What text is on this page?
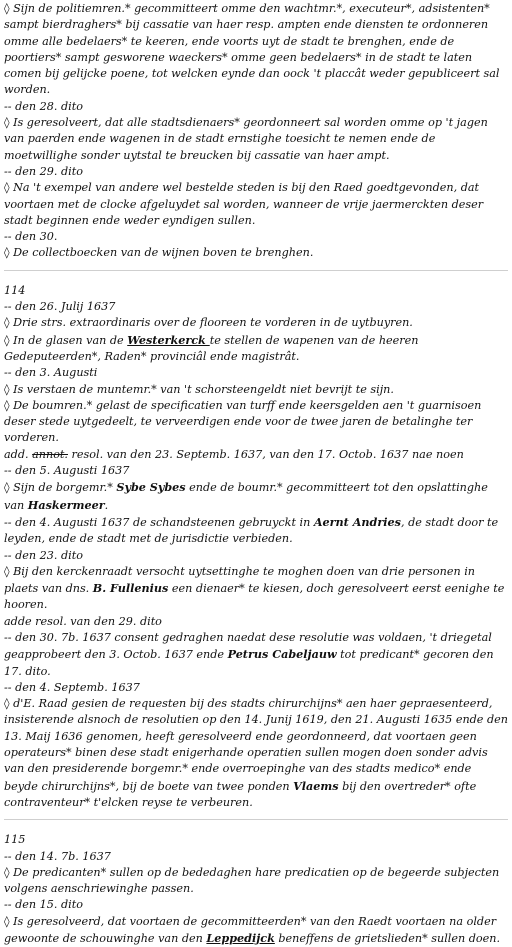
◊ Sijn de politiemren.* gecommitteert omme den wachtmr.*, executeur*, adsistenten* sampt bierdraghers* bij cassatie van haer resp. ampten ende diensten te ordonneren omme alle bedelaers* te keeren, ende voorts uyt de stadt te brenghen, ende de poortiers* sampt gesworene waeckers* omme geen bedelaers* in de stadt te laten comen bij gelijcke poene, tot welcken eynde dan oock 't placcât weder gepubliceert sal worden.
-- den 28. dito
◊ Is geresolveert, dat alle stadtsdienaers* geordonneert sal worden omme op 't jagen van paerden ende wagenen in de stadt ernstighe toesicht te nemen ende de moetwillighe sonder uytstal te breucken bij cassatie van haer ampt.
-- den 29. dito
◊ Na 't exempel van andere wel bestelde steden is bij den Raed goedtgevonden, dat voortaen met de clocke afgeluydet sal worden, wanneer de vrije jaermerckten deser stadt beginnen ende weder eyndigen sullen.
-- den 30.
◊ De collectboecken van de wijnen boven te brenghen.
114
-- den 26. Julij 1637
◊ Drie strs. extraordinaris over de flooreen te vorderen in de uytbuyren.
◊ In de glasen van de Westerkerck te stellen de wapenen van de heeren Gedeputeerden*, Raden* provinciâl ende magistrât.
-- den 3. Augusti
◊ Is verstaen de muntemr.* van 't schorsteengeldt niet bevrijt te sijn.
◊ De boumren.* gelast de specificatien van turff ende keersgelden aen 't guarnisoen deser stede uytgedeelt, te verveerdigen ende voor de twee jaren de betalinghe ter vorderen.
add. annot. resol. van den 23. Septemb. 1637, van den 17. Octob. 1637 nae noen
-- den 5. Augusti 1637
◊ Sijn de borgemr.* Sybe Sybes ende de boumr.* gecommitteert tot den opslattinghe van Haskermeer.
-- den 4. Augusti 1637 de schandsteenen gebruyckt in Aernt Andries, de stadt door te leyden, ende de stadt met de jurisdictie verbieden.
-- den 23. dito
◊ Bij den kerckenraadt versocht uytsettinghe te moghen doen van drie personen in plaets van dns. B. Fullenius een dienaer* te kiesen, doch geresolveert eerst eenighe te hooren.
adde resol. van den 29. dito
-- den 30. 7b. 1637 consent gedraghen naedat dese resolutie was voldaen, 't driegetal geapprobeert den 3. Octob. 1637 ende Petrus Cabeljauw tot predicant* gecoren den 17. dito.
-- den 4. Septemb. 1637
◊ d'E. Raad gesien de requesten bij des stadts chirurchijns* aen haer gepraesenteerd, insisterende alsnoch de resolutien op den 14. Junij 1619, den 21. Augusti 1635 ende den 13. Maij 1636 genomen, heeft geresolveerd ende geordonneerd, dat voortaen geen operateurs* binen dese stadt enigerhande operatien sullen mogen doen sonder advis van den presiderende borgemr.* ende overroepinghe van des stadts medico* ende beyde chirurchijns*, bij de boete van twee ponden Vlaems bij den overtreder* ofte contraventeur* t'elcken reyse te verbeuren.
115
-- den 14. 7b. 1637
◊ De predicanten* sullen op de bededaghen hare predicatien op de begeerde subjecten volgens aenschriewinghe passen.
-- den 15. dito
◊ Is geresolveerd, dat voortaen de gecommitteerden* van den Raedt voortaen na older gewoonte de schouwinghe van den Leppedijck beneffens de grietslieden* sullen doen.
